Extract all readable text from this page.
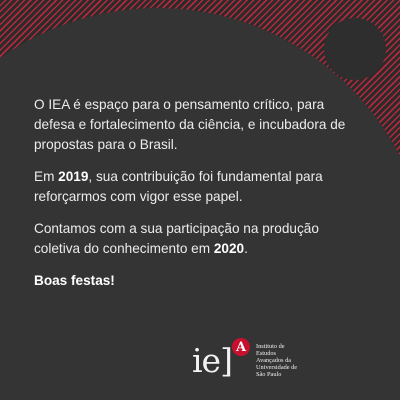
O IEA é espaço para o pensamento crítico, para defesa e fortalecimento da ciência, e incubadora de propostas para o Brasil.

Em 2019, sua contribuição foi fundamental para reforçarmos com vigor esse papel.

Contamos com a sua participação na produção coletiva do conhecimento em 2020.

Boas festas!

ie] A	Instituto de
Estudos
Avançados da
Universidade de
São Paulo
